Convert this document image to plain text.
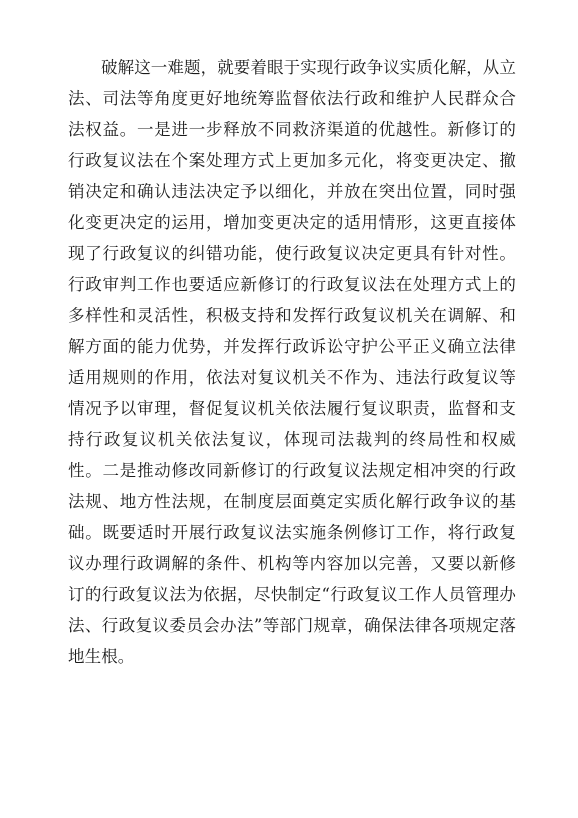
破解这一难题，就要着眼于实现行政争议实质化解，从立法、司法等角度更好地统筹监督依法行政和维护人民群众合法权益。一是进一步释放不同救济渠道的优越性。新修订的行政复议法在个案处理方式上更加多元化，将变更决定、撤销决定和确认违法决定予以细化，并放在突出位置，同时强化变更决定的运用，增加变更决定的适用情形，这更直接体现了行政复议的纠错功能，使行政复议决定更具有针对性。行政审判工作也要适应新修订的行政复议法在处理方式上的多样性和灵活性，积极支持和发挥行政复议机关在调解、和解方面的能力优势，并发挥行政诉讼守护公平正义确立法律适用规则的作用，依法对复议机关不作为、违法行政复议等情况予以审理，督促复议机关依法履行复议职责，监督和支持行政复议机关依法复议，体现司法裁判的终局性和权威性。二是推动修改同新修订的行政复议法规定相冲突的行政法规、地方性法规，在制度层面奠定实质化解行政争议的基础。既要适时开展行政复议法实施条例修订工作，将行政复议办理行政调解的条件、机构等内容加以完善，又要以新修订的行政复议法为依据，尽快制定“行政复议工作人员管理办法、行政复议委员会办法”等部门规章，确保法律各项规定落地生根。
